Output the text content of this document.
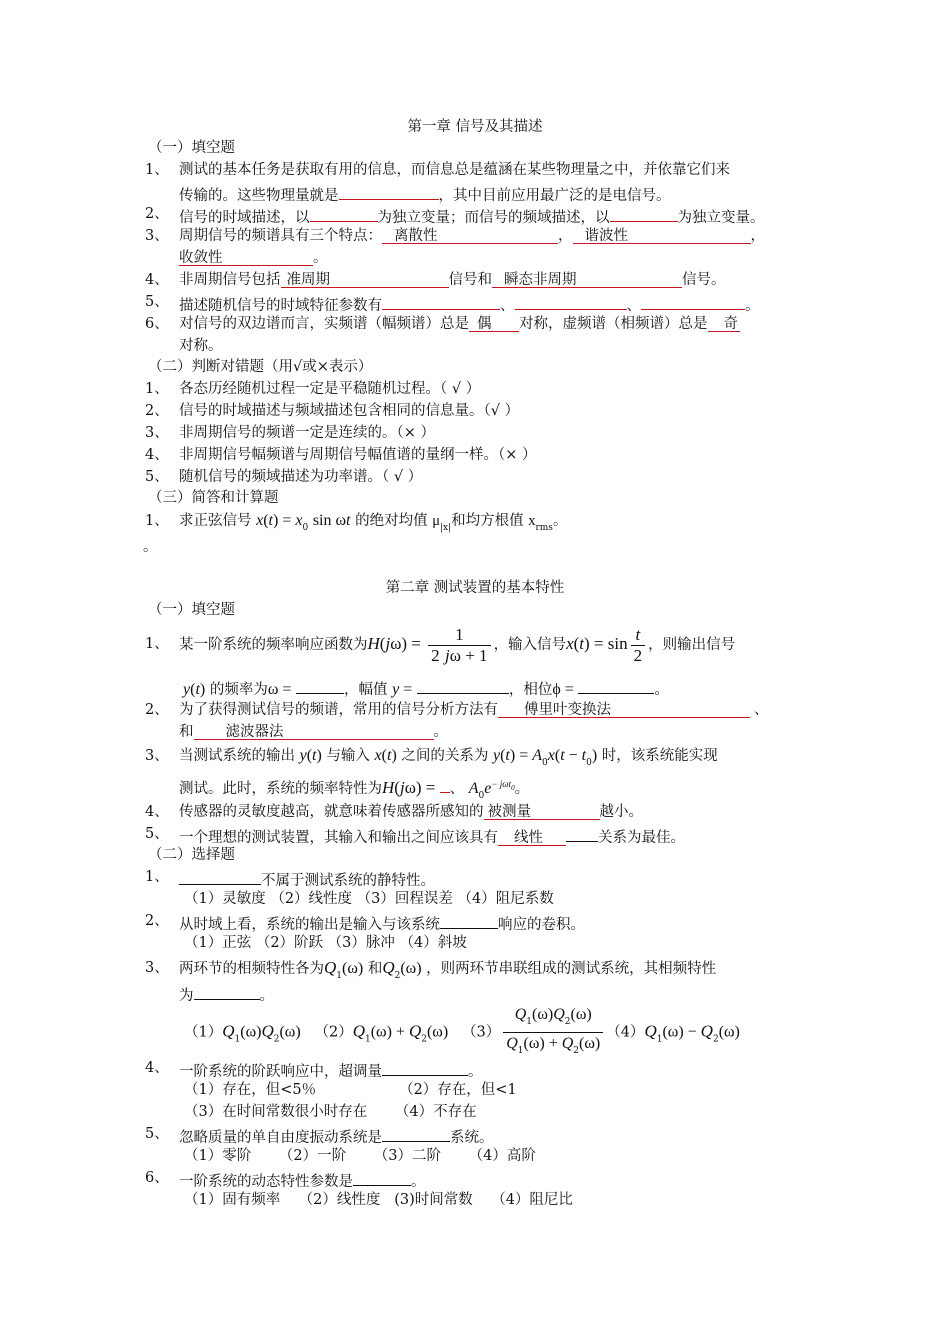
第一章 信号及其描述
（一）填空题
1、 测试的基本任务是获取有用的信息，而信息总是蕴涵在某些物理量之中，并依靠它们来
传输的。这些物理量就是	，其中目前应用最广泛的是电信号。
2、 信号的时域描述，以	为独立变量；而信号的频域描述，以	为独立变量。
3、 周期信号的频谱具有三个特点： 离散性	， 谐波性	，
收敛性	。
4、 非周期信号包括 准周期	信号和 瞬态非周期	信号。
5、 描述随机信号的时域特征参数有	、	、	。
6、 对信号的双边谱而言，实频谱（幅频谱）总是 偶 对称，虚频谱（相频谱）总是 奇
对称。
（二）判断对错题（用√或×表示）
1、 各态历经随机过程一定是平稳随机过程。（ √ ）
2、 信号的时域描述与频域描述包含相同的信息量。（√ ）
3、 非周期信号的频谱一定是连续的。（× ）
4、 非周期信号幅频谱与周期信号幅值谱的量纲一样。（× ）
5、 随机信号的频域描述为功率谱。（ √ ）
（三）简答和计算题
1、 求正弦信号 $x(t) = x_0$ sin ωt 的绝对均值 $\mu_{|x|}$和均方根值 $x_{rms}$。
。
第二章 测试装置的基本特性
（一）填空题
1、 某一阶系统的频率响应函数为$H(j\omega) = \frac{1}{2 j\omega + 1}$ ，输入信号$x(t) = \sin \frac{t}{2}$ ，则输出信号
y(t) 的频率为ω =	，幅值 y =	，相位ϕ =	。
2、 为了获得测试信号的频谱，常用的信号分析方法有 傅里叶变换法	、
和 滤波器法	。
3、 当测试系统的输出 y(t) 与输入 x(t) 之间的关系为 $y(t) = A_0x(t - t_0)$ 时，该系统能实现
测试。此时，系统的频率特性为H(jω) = 、 $A_0e^{- j\omega t_0}$。
4、 传感器的灵敏度越高，就意味着传感器所感知的 被测量	越小。
5、 一个理想的测试装置，其输入和输出之间应该具有 线性	关系为最佳。
（二）选择题
1、	不属于测试系统的静特性。
（1）灵敏度 （2）线性度 （3）回程误差 （4）阻尼系数
2、 从时域上看，系统的输出是输入与该系统	响应的卷积。
（1）正弦 （2）阶跃 （3）脉冲 （4）斜坡
3、 两环节的相频特性各为$Q_1(\omega)$ 和$Q_2(\omega)$ ，则两环节串联组成的测试系统，其相频特性
为	。
$(1)Q_1(\omega)Q_2(\omega) (2)Q_1(\omega) + Q_2(\omega)$ $(3) \frac{Q_1(\omega)Q_2(\omega)}{Q_1(\omega) + Q_2(\omega)} (4)Q_1(\omega) - Q_2(\omega)$
4、 一阶系统的阶跃响应中，超调量	。
（1）存在，但<5％                  （2）存在，但<1
（3）在时间常数很小时存在      （4）不存在
5、 忽略质量的单自由度振动系统是	系统。
（1）零阶      （2）一阶      （3）二阶      （4）高阶
6、 一阶系统的动态特性参数是	。
（1）固有频率    （2）线性度   (3)时间常数    （4）阻尼比
